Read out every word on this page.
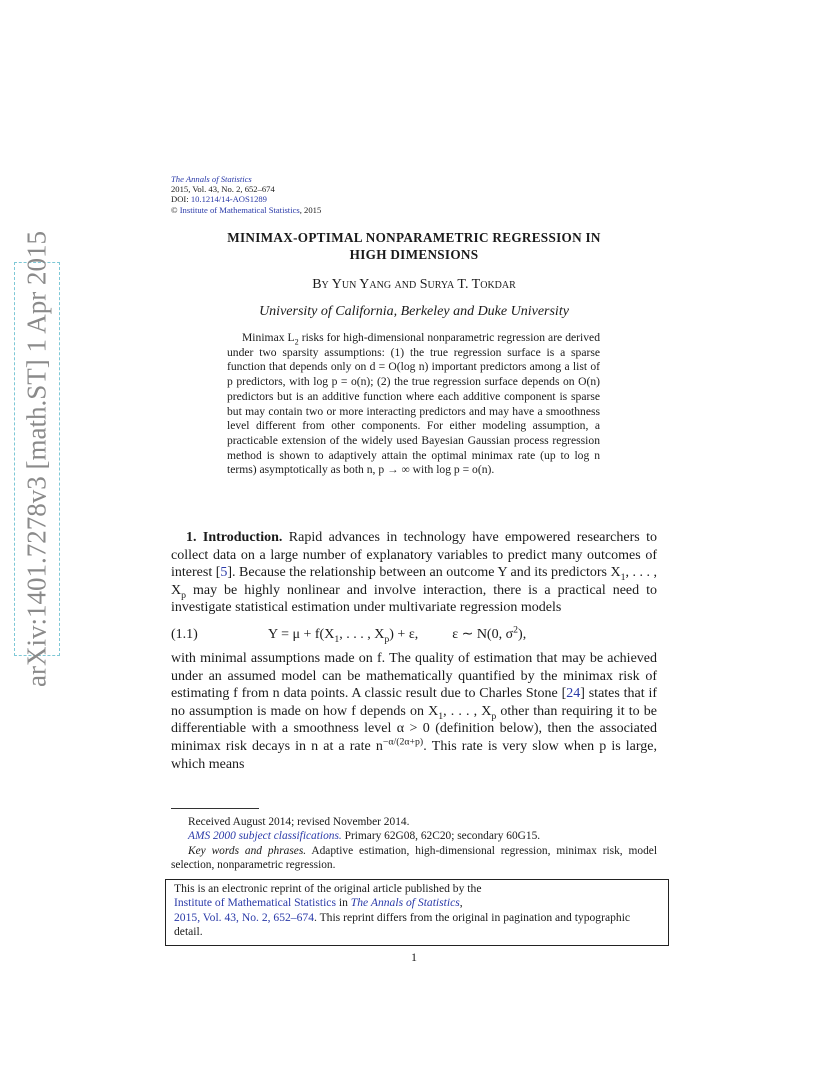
arXiv:1401.7278v3 [math.ST] 1 Apr 2015
The Annals of Statistics
2015, Vol. 43, No. 2, 652–674
DOI: 10.1214/14-AOS1289
© Institute of Mathematical Statistics, 2015
MINIMAX-OPTIMAL NONPARAMETRIC REGRESSION IN
HIGH DIMENSIONS
By Yun Yang and Surya T. Tokdar
University of California, Berkeley and Duke University
Minimax $L_2$ risks for high-dimensional nonparametric regression are derived under two sparsity assumptions: (1) the true regression surface is a sparse function that depends only on d = O(log n) important predictors among a list of p predictors, with log p = o(n); (2) the true regression surface depends on O(n) predictors but is an additive function where each additive component is sparse but may contain two or more interacting predictors and may have a smoothness level different from other components. For either modeling assumption, a practicable extension of the widely used Bayesian Gaussian process regression method is shown to adaptively attain the optimal minimax rate (up to log n terms) asymptotically as both n, p → ∞ with log p = o(n).

1. Introduction. Rapid advances in technology have empowered researchers to collect data on a large number of explanatory variables to predict many outcomes of interest [5]. Because the relationship between an outcome Y and its predictors $X_1$, . . . , $X_p$ may be highly nonlinear and involve interaction, there is a practical need to investigate statistical estimation under multivariate regression models

(1.1)	$Y = \mu + f(X_1$, . . . , $X_p) + \varepsilon$, ε ∼ N(0, $\sigma^2$),

with minimal assumptions made on f. The quality of estimation that may be achieved under an assumed model can be mathematically quantified by the minimax risk of estimating f from n data points. A classic result due to Charles Stone [24] states that if no assumption is made on how f depends on $X_1$, . . . , $X_p$ other than requiring it to be differentiable with a smoothness level α > 0 (definition below), then the associated minimax risk decays in n at a rate $n^{-\alpha/(2\alpha+p)}$. This rate is very slow when p is large, which means

Received August 2014; revised November 2014.

AMS 2000 subject classifications. Primary 62G08, 62C20; secondary 60G15.

Key words and phrases. Adaptive estimation, high-dimensional regression, minimax risk, model selection, nonparametric regression.

This is an electronic reprint of the original article published by the
Institute of Mathematical Statistics in The Annals of Statistics,
2015, Vol. 43, No. 2, 652–674. This reprint differs from the original in pagination and typographic detail.
1
